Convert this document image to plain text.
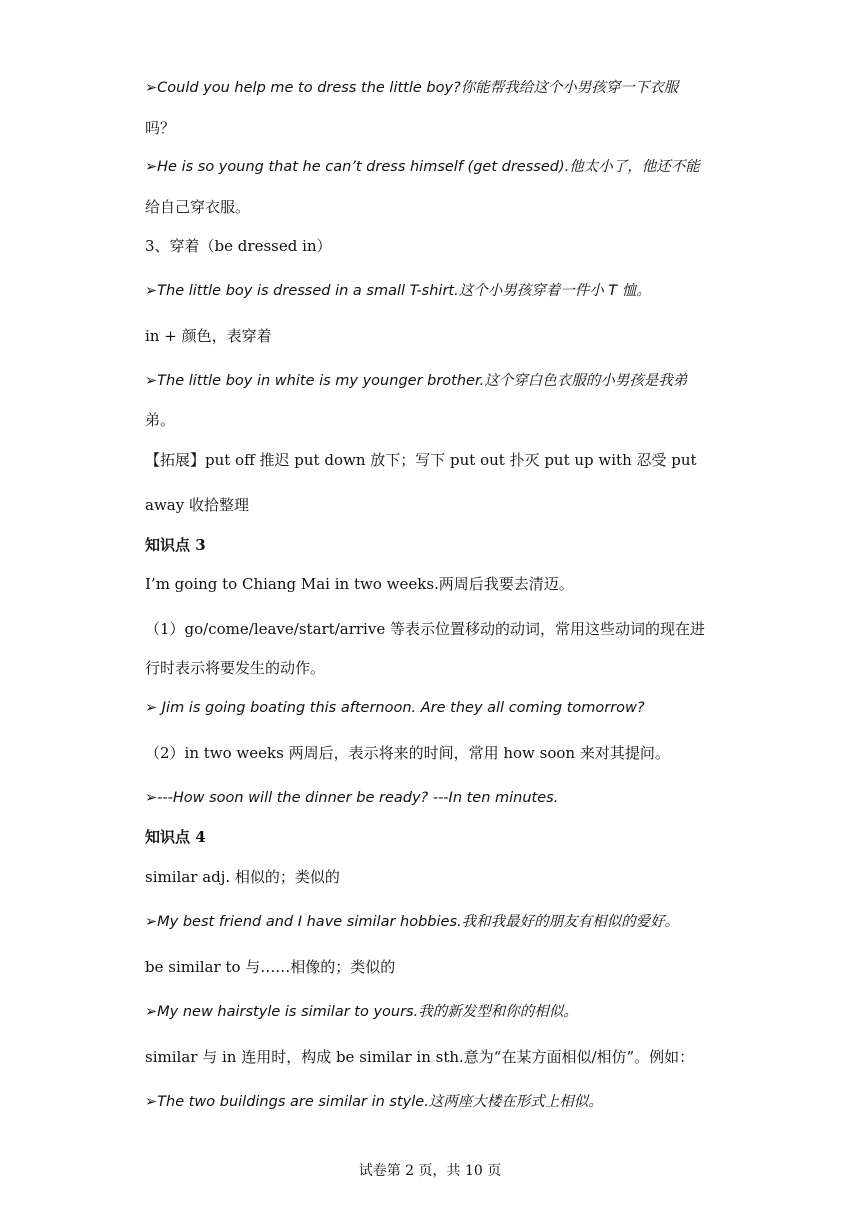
➢Could you help me to dress the little boy?你能帮我给这个小男孩穿一下衣服
吗？
➢He is so young that he can’t dress himself (get dressed).他太小了，他还不能
给自己穿衣服。
3、穿着（be dressed in）
➢The little boy is dressed in a small T-shirt.这个小男孩穿着一件小 T 恤。
in + 颜色，表穿着
➢The little boy in white is my younger brother.这个穿白色衣服的小男孩是我弟
弟。
【拓展】put off 推迟 put down 放下；写下 put out 扑灭 put up with 忍受 put
away 收拾整理
知识点 3
I’m going to Chiang Mai in two weeks.两周后我要去清迈。
（1）go/come/leave/start/arrive 等表示位置移动的动词，常用这些动词的现在进
行时表示将要发生的动作。
➢ Jim is going boating this afternoon. Are they all coming tomorrow?
（2）in two weeks 两周后，表示将来的时间，常用 how soon 来对其提问。
➢---How soon will the dinner be ready? ---In ten minutes.
知识点 4
similar adj. 相似的；类似的
➢My best friend and I have similar hobbies.我和我最好的朋友有相似的爱好。
be similar to 与……相像的；类似的
➢My new hairstyle is similar to yours.我的新发型和你的相似。
similar 与 in 连用时，构成 be similar in sth.意为“在某方面相似/相仿”。例如：
➢The two buildings are similar in style.这两座大楼在形式上相似。
试卷第 2 页，共 10 页
